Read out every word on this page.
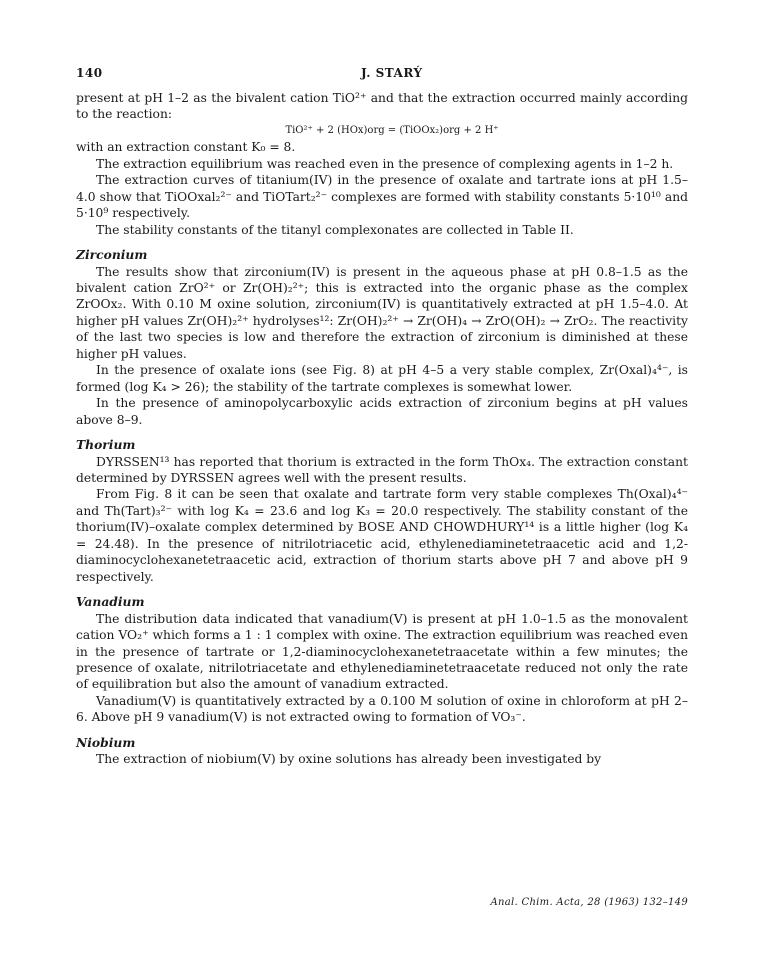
140	J. STARÝ

present at pH 1–2 as the bivalent cation TiO²⁺ and that the extraction occurred mainly according to the reaction:

TiO²⁺ + 2 (HOx)org = (TiOOx₂)org + 2 H⁺

with an extraction constant K₀ = 8.

The extraction equilibrium was reached even in the presence of complexing agents in 1–2 h.

The extraction curves of titanium(IV) in the presence of oxalate and tartrate ions at pH 1.5–4.0 show that TiOOxal₂²⁻ and TiOTart₂²⁻ complexes are formed with stability constants 5·10¹⁰ and 5·10⁹ respectively.

The stability constants of the titanyl complexonates are collected in Table II.

Zirconium

The results show that zirconium(IV) is present in the aqueous phase at pH 0.8–1.5 as the bivalent cation ZrO²⁺ or Zr(OH)₂²⁺; this is extracted into the organic phase as the complex ZrOOx₂. With 0.10 M oxine solution, zirconium(IV) is quantitatively extracted at pH 1.5–4.0. At higher pH values Zr(OH)₂²⁺ hydrolyses¹²: Zr(OH)₂²⁺ → Zr(OH)₄ → ZrO(OH)₂ → ZrO₂. The reactivity of the last two species is low and therefore the extraction of zirconium is diminished at these higher pH values.

In the presence of oxalate ions (see Fig. 8) at pH 4–5 a very stable complex, Zr(Oxal)₄⁴⁻, is formed (log K₄ > 26); the stability of the tartrate complexes is somewhat lower.

In the presence of aminopolycarboxylic acids extraction of zirconium begins at pH values above 8–9.

Thorium

DYRSSEN¹³ has reported that thorium is extracted in the form ThOx₄. The extraction constant determined by DYRSSEN agrees well with the present results.

From Fig. 8 it can be seen that oxalate and tartrate form very stable complexes Th(Oxal)₄⁴⁻ and Th(Tart)₃²⁻ with log K₄ = 23.6 and log K₃ = 20.0 respectively. The stability constant of the thorium(IV)–oxalate complex determined by BOSE AND CHOWDHURY¹⁴ is a little higher (log K₄ = 24.48). In the presence of nitrilotriacetic acid, ethylenediaminetetraacetic acid and 1,2-diaminocyclohexanetetraacetic acid, extraction of thorium starts above pH 7 and above pH 9 respectively.

Vanadium

The distribution data indicated that vanadium(V) is present at pH 1.0–1.5 as the monovalent cation VO₂⁺ which forms a 1 : 1 complex with oxine. The extraction equilibrium was reached even in the presence of tartrate or 1,2-diaminocyclohexanetetraacetate within a few minutes; the presence of oxalate, nitrilotriacetate and ethylenediaminetetraacetate reduced not only the rate of equilibration but also the amount of vanadium extracted.

Vanadium(V) is quantitatively extracted by a 0.100 M solution of oxine in chloroform at pH 2–6. Above pH 9 vanadium(V) is not extracted owing to formation of VO₃⁻.

Niobium

The extraction of niobium(V) by oxine solutions has already been investigated by

Anal. Chim. Acta, 28 (1963) 132–149
